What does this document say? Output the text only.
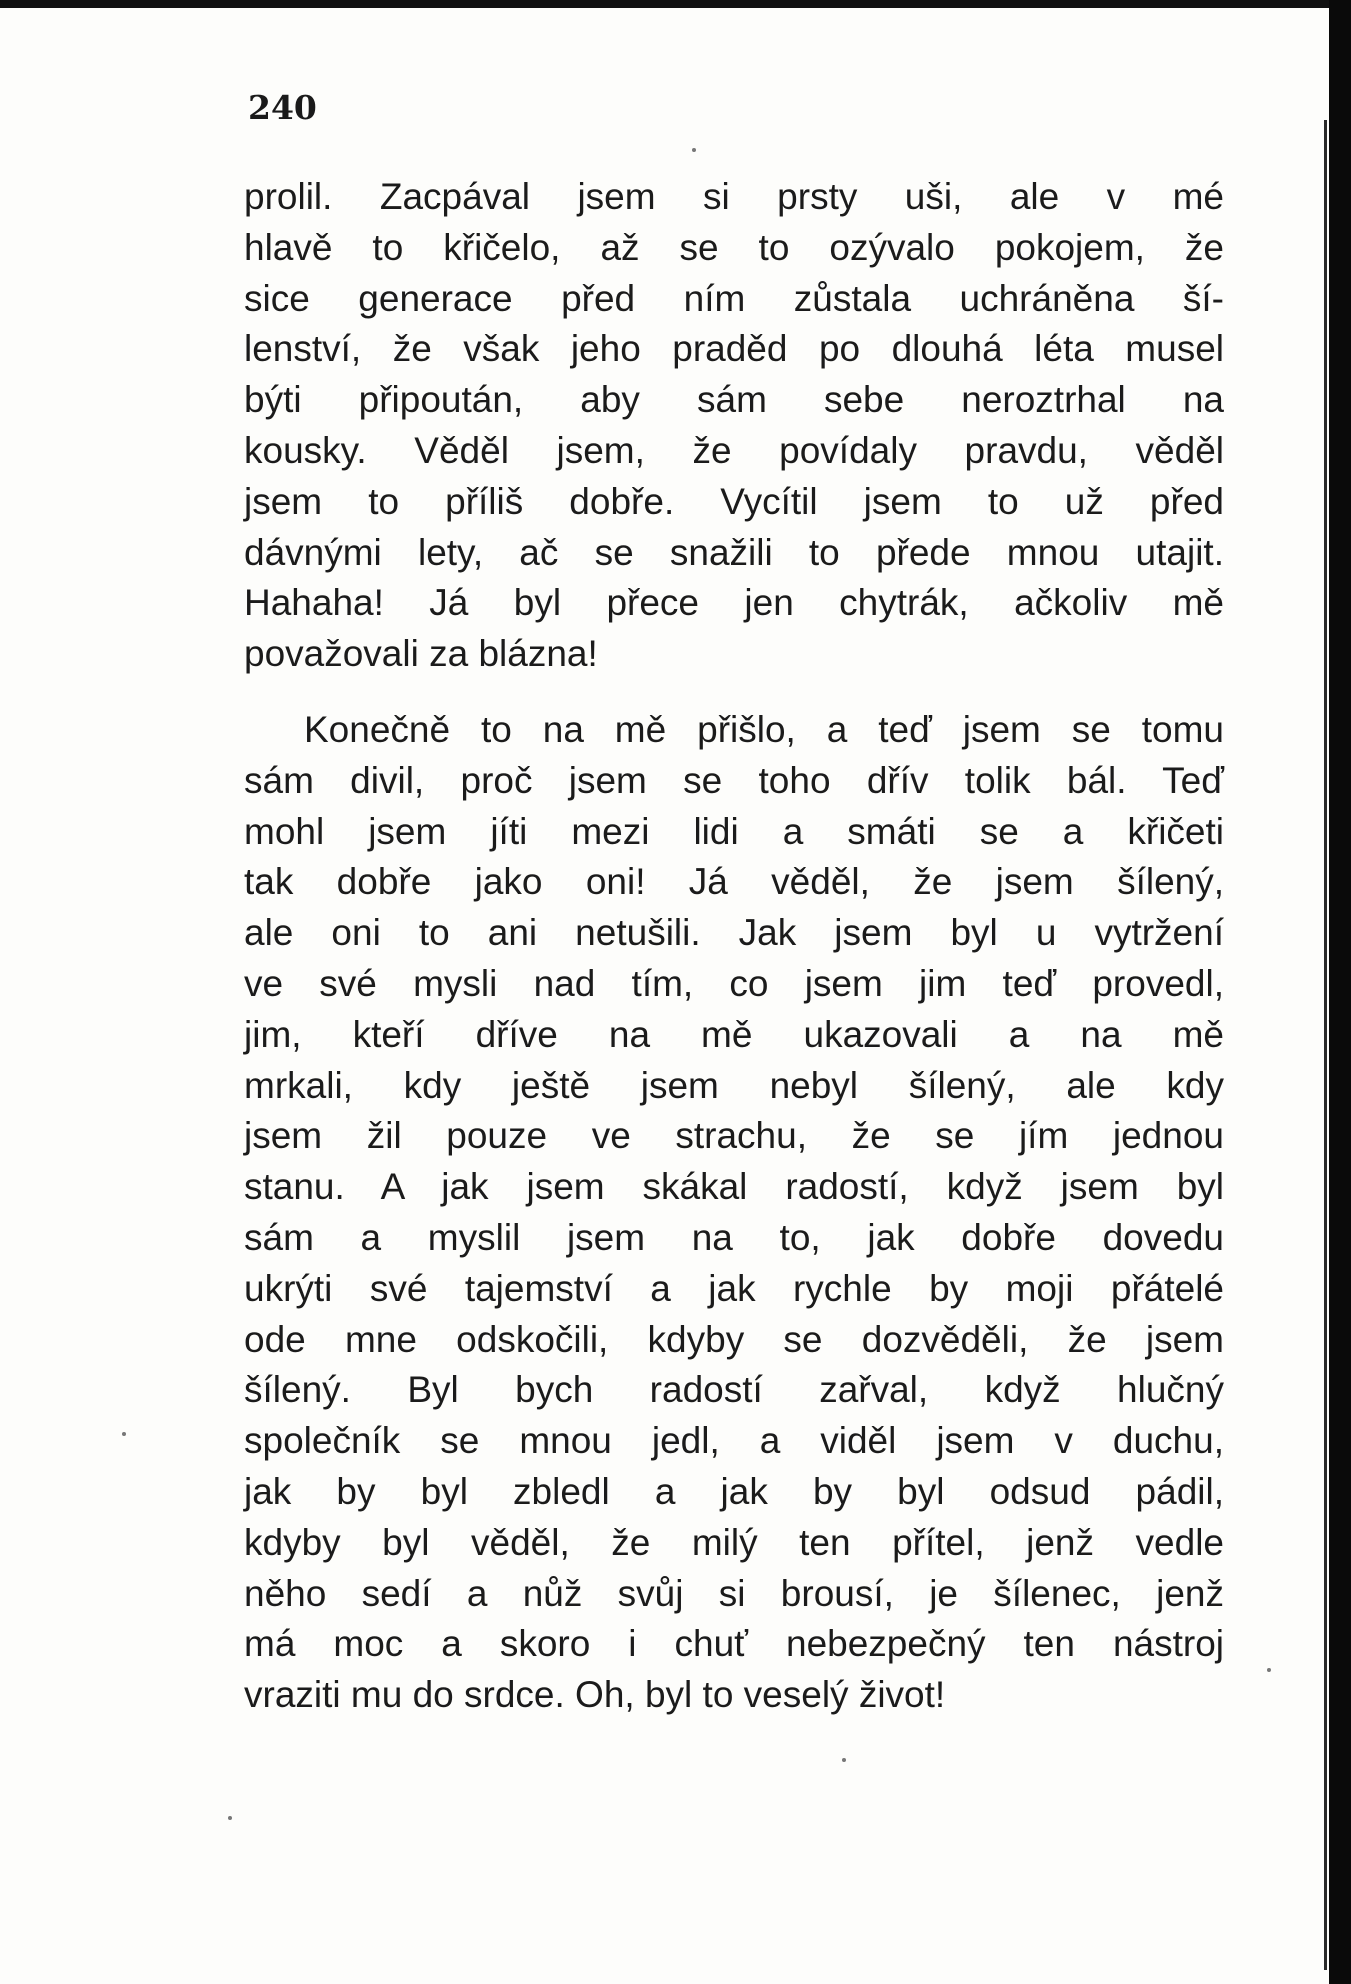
240

prolil. Zacpával jsem si prsty uši, ale v mé
hlavě to křičelo, až se to ozývalo pokojem, že
sice generace před ním zůstala uchráněna ší-
lenství, že však jeho praděd po dlouhá léta musel
býti připoután, aby sám sebe neroztrhal na
kousky. Věděl jsem, že povídaly pravdu, věděl
jsem to příliš dobře. Vycítil jsem to už před
dávnými lety, ač se snažili to přede mnou utajit.
Hahaha! Já byl přece jen chytrák, ačkoliv mě
považovali za blázna!

Konečně to na mě přišlo, a teď jsem se tomu
sám divil, proč jsem se toho dřív tolik bál. Teď
mohl jsem jíti mezi lidi a smáti se a křičeti
tak dobře jako oni! Já věděl, že jsem šílený,
ale oni to ani netušili. Jak jsem byl u vytržení
ve své mysli nad tím, co jsem jim teď provedl,
jim, kteří dříve na mě ukazovali a na mě
mrkali, kdy ještě jsem nebyl šílený, ale kdy
jsem žil pouze ve strachu, že se jím jednou
stanu. A jak jsem skákal radostí, když jsem byl
sám a myslil jsem na to, jak dobře dovedu
ukrýti své tajemství a jak rychle by moji přátelé
ode mne odskočili, kdyby se dozvěděli, že jsem
šílený. Byl bych radostí zařval, když hlučný
společník se mnou jedl, a viděl jsem v duchu,
jak by byl zbledl a jak by byl odsud pádil,
kdyby byl věděl, že milý ten přítel, jenž vedle
něho sedí a nůž svůj si brousí, je šílenec, jenž
má moc a skoro i chuť nebezpečný ten nástroj
vraziti mu do srdce. Oh, byl to veselý život!
